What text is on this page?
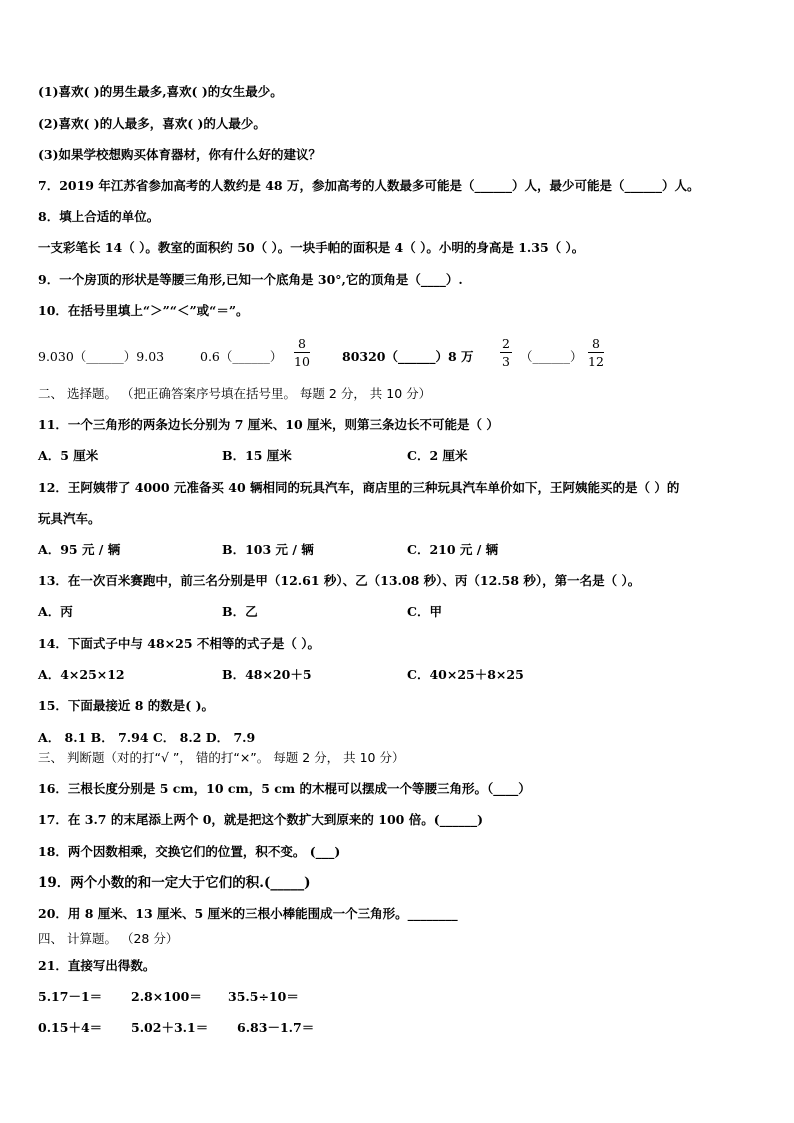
(1)喜欢( )的男生最多,喜欢( )的女生最少。
(2)喜欢( )的人最多，喜欢( )的人最少。
(3)如果学校想购买体育器材，你有什么好的建议？
7．2019 年江苏省参加高考的人数约是 48 万，参加高考的人数最多可能是（______）人，最少可能是（______）人。
8．填上合适的单位。
一支彩笔长 14（ ）。教室的面积约 50（ ）。一块手帕的面积是 4（ ）。小明的身高是 1.35（ ）。
9．一个房顶的形状是等腰三角形,已知一个底角是 30°,它的顶角是（____）.
10．在括号里填上“＞”“＜”或“＝”。
9.030（______）9.03	0.6（______）
8
10	80320（______）8 万
2
3 （______）
8
12
二、 选择题。 （把正确答案序号填在括号里。 每题 2 分， 共 10 分）
11．一个三角形的两条边长分别为 7 厘米、10 厘米，则第三条边长不可能是（ ）
A．5 厘米	B．15 厘米	C．2 厘米
12．王阿姨带了 4000 元准备买 40 辆相同的玩具汽车，商店里的三种玩具汽车单价如下，王阿姨能买的是（ ）的
玩具汽车。
A．95 元 / 辆	B．103 元 / 辆	C．210 元 / 辆
13．在一次百米赛跑中，前三名分别是甲（12.61 秒）、乙（13.08 秒）、丙（12.58 秒），第一名是（ ）。
A．丙	B．乙	C．甲
14．下面式子中与 48×25 不相等的式子是（ ）。
A．4×25×12	B．48×20＋5	C．40×25＋8×25
15．下面最接近 8 的数是( )。
A． 8.1 B． 7.94 C． 8.2 D． 7.9
三、 判断题（对的打“√ ”， 错的打“×”。 每题 2 分， 共 10 分）
16．三根长度分别是 5 cm，10 cm，5 cm 的木棍可以摆成一个等腰三角形。（____）
17．在 3.7 的末尾添上两个 0，就是把这个数扩大到原来的 100 倍。(______)
18．两个因数相乘，交换它们的位置，积不变。 (___)
19．两个小数的和一定大于它们的积.(_____)
20．用 8 厘米、13 厘米、5 厘米的三根小棒能围成一个三角形。________
四、 计算题。 （28 分）
21．直接写出得数。
5.17－1＝ 2.8×100＝ 35.5÷10＝
0.15＋4＝ 5.02＋3.1＝ 6.83－1.7＝
